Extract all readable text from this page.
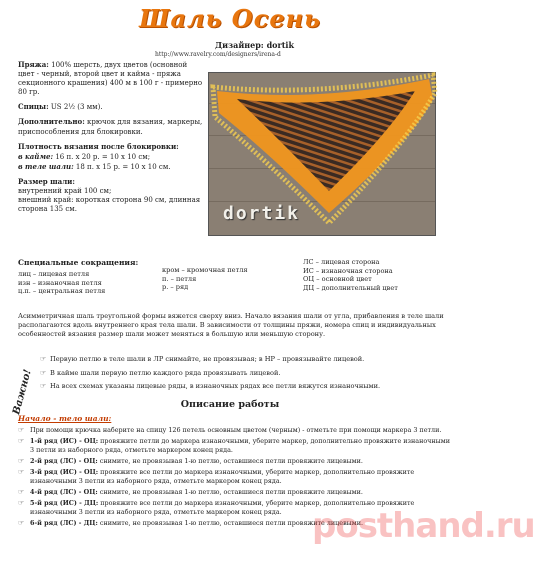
Шаль Осень
Дизайнер: dortik
http://www.ravelry.com/designers/irena-d

Пряжа: 100% шерсть, двух цветов (основной цвет - черный, второй цвет и кайма - пряжа секционного крашения) 400 м в 100 г - примерно 80 гр.

Спицы: US 2½ (3 мм).

Дополнительно: крючок для вязания, маркеры, приспособления для блокировки.

Плотность вязания после блокировки:
в кайме: 16 п. x 20 р. = 10 x 10 см;
в теле шали: 18 п. x 15 р. = 10 x 10 см.

Размер шали:
внутренний край 100 см;
внешний край: короткая сторона 90 см, длинная сторона 135 см.	dortik
Специальные сокращения:
лиц – лицевая петля
изн – изнаночная петля
ц.п. – центральная петля
кром – кромочная петля
п. – петля
р. – ряд
ЛС – лицевая сторона
ИС – изнаночная сторона
ОЦ – основной цвет
ДЦ – дополнительный цвет
Асимметричная шаль треугольной формы вяжется сверху вниз. Начало вязания шали от угла, прибавления в теле шали располагаются вдоль внутреннего края тела шали. В зависимости от толщины пряжи, номера спиц и индивидуальных особенностей вязания размер шали может меняться в большую или меньшую сторону.
Важно!
☞ Первую петлю в теле шали в ЛР снимайте, не провязывая; в НР – провязывайте лицевой.
☞ В кайме шали первую петлю каждого ряда провязывать лицевой.
☞ На всех схемах указаны лицевые ряды, в изнаночных рядах все петли вяжутся изнаночными.
Описание работы
Начало - тело шали:
☞ При помощи крючка наберите на спицу 126 петель основным цветом (черным) - отметьте при помощи маркера 3 петли.
☞ 1-й ряд (ИС) - ОЦ: провяжите петли до маркера изнаночными, уберите маркер, дополнительно провяжите изнаночными 3 петли из наборного ряда, отметьте маркером конец ряда.
☞ 2-й ряд (ЛС) - ОЦ: снимите, не провязывая 1-ю петлю, оставшиеся петли провяжите лицевыми.
☞ 3-й ряд (ИС) - ОЦ: провяжите все петли до маркера изнаночными, уберите маркер, дополнительно провяжите изнаночными 3 петли из наборного ряда, отметьте маркером конец ряда.
☞ 4-й ряд (ЛС) - ОЦ: снимите, не провязывая 1-ю петлю, оставшиеся петли провяжите лицевыми.
☞ 5-й ряд (ИС) - ДЦ: провяжите все петли до маркера изнаночными, уберите маркер, дополнительно провяжите изнаночными 3 петли из наборного ряда, отметьте маркером конец ряда.
☞ 6-й ряд (ЛС) - ДЦ: снимите, не провязывая 1-ю петлю, оставшиеся петли провяжите лицевыми.
posthand.ru
